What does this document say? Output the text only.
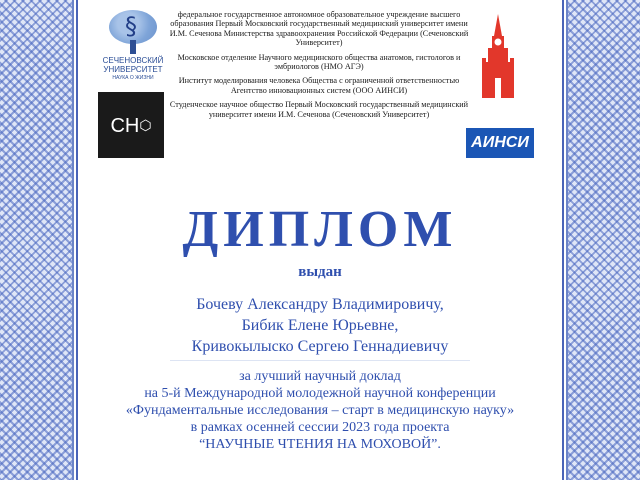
§
СЕЧЕНОВСКИЙ УНИВЕРСИТЕТ
НАУКА О ЖИЗНИ
СН⬡
АИНСИ

федеральное государственное автономное образовательное учреждение высшего образования Первый Московский государственный медицинский университет имени И.М. Сеченова Министерства здравоохранения Российской Федерации (Сеченовский Университет)

Московское отделение Научного медицинского общества анатомов, гистологов и эмбриологов (НМО АГЭ)

Институт моделирования человека Общества с ограниченной ответственностью Агентство инновационных систем (ООО АИНСИ)

Студенческое научное общество Первый Московский государственный медицинский университет имени И.М. Сеченова (Сеченовский Университет)

ДИПЛОМ
выдан
Бочеву Александру Владимировичу,
Бибик Елене Юрьевне,
Кривокылыско Сергею Геннадиевичу
за лучший научный доклад
на 5-й Международной молодежной научной конференции
«Фундаментальные исследования – старт в медицинскую науку»
в рамках осенней сессии 2023 года проекта
“НАУЧНЫЕ ЧТЕНИЯ НА МОХОВОЙ”.
